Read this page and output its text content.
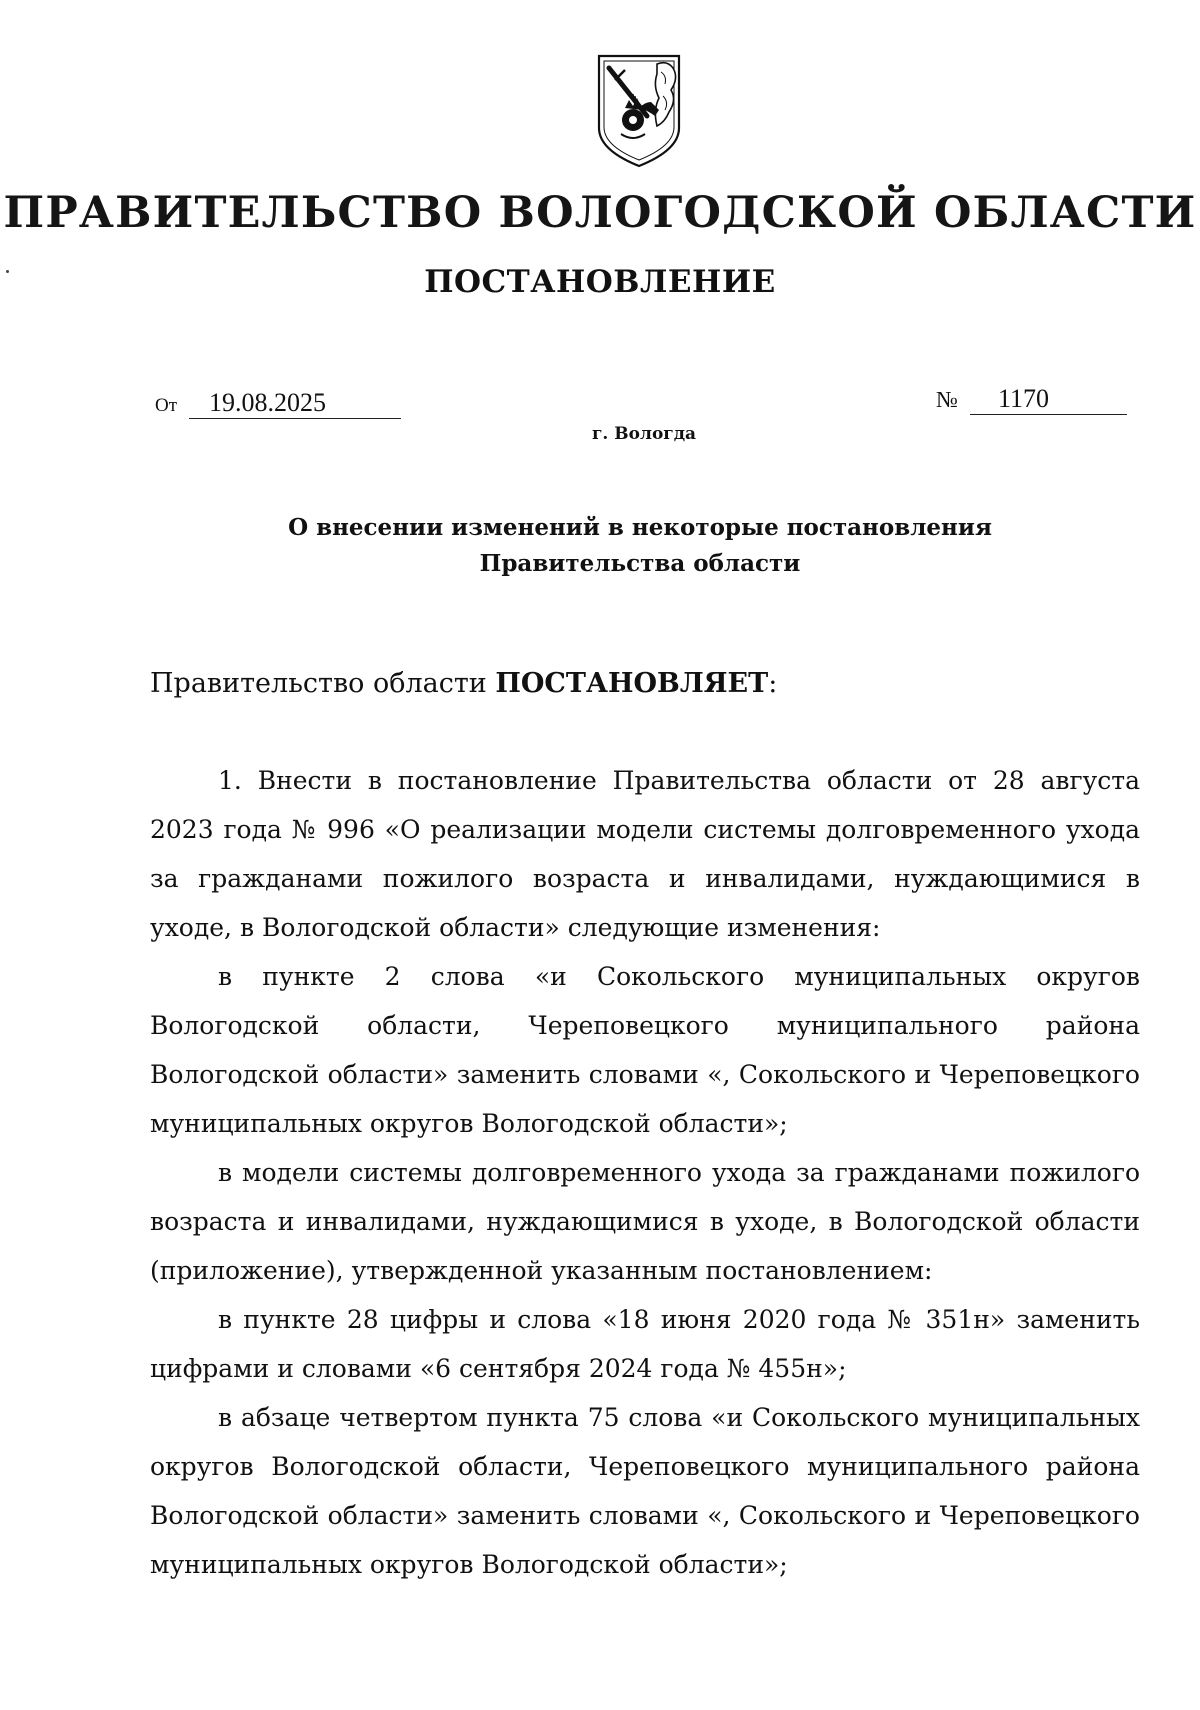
ПРАВИТЕЛЬСТВО ВОЛОГОДСКОЙ ОБЛАСТИ
ПОСТАНОВЛЕНИЕ
От 19.08.2025	№ 1170
г. Вологда
О внесении изменений в некоторые постановления
Правительства области
Правительство области ПОСТАНОВЛЯЕТ:

1. Внести в постановление Правительства области от 28 августа 2023 года № 996 «О реализации модели системы долговременного ухода за гражданами пожилого возраста и инвалидами, нуждающимися в уходе, в Вологодской области» следующие изменения:

в пункте 2 слова «и Сокольского муниципальных округов Вологодской области, Череповецкого муниципального района Вологодской области» заменить словами «, Сокольского и Череповецкого муниципальных округов Вологодской области»;

в модели системы долговременного ухода за гражданами пожилого возраста и инвалидами, нуждающимися в уходе, в Вологодской области (приложение), утвержденной указанным постановлением:

в пункте 28 цифры и слова «18 июня 2020 года № 351н» заменить цифрами и словами «6 сентября 2024 года № 455н»;

в абзаце четвертом пункта 75 слова «и Сокольского муниципальных округов Вологодской области, Череповецкого муниципального района Вологодской области» заменить словами «, Сокольского и Череповецкого муниципальных округов Вологодской области»;
